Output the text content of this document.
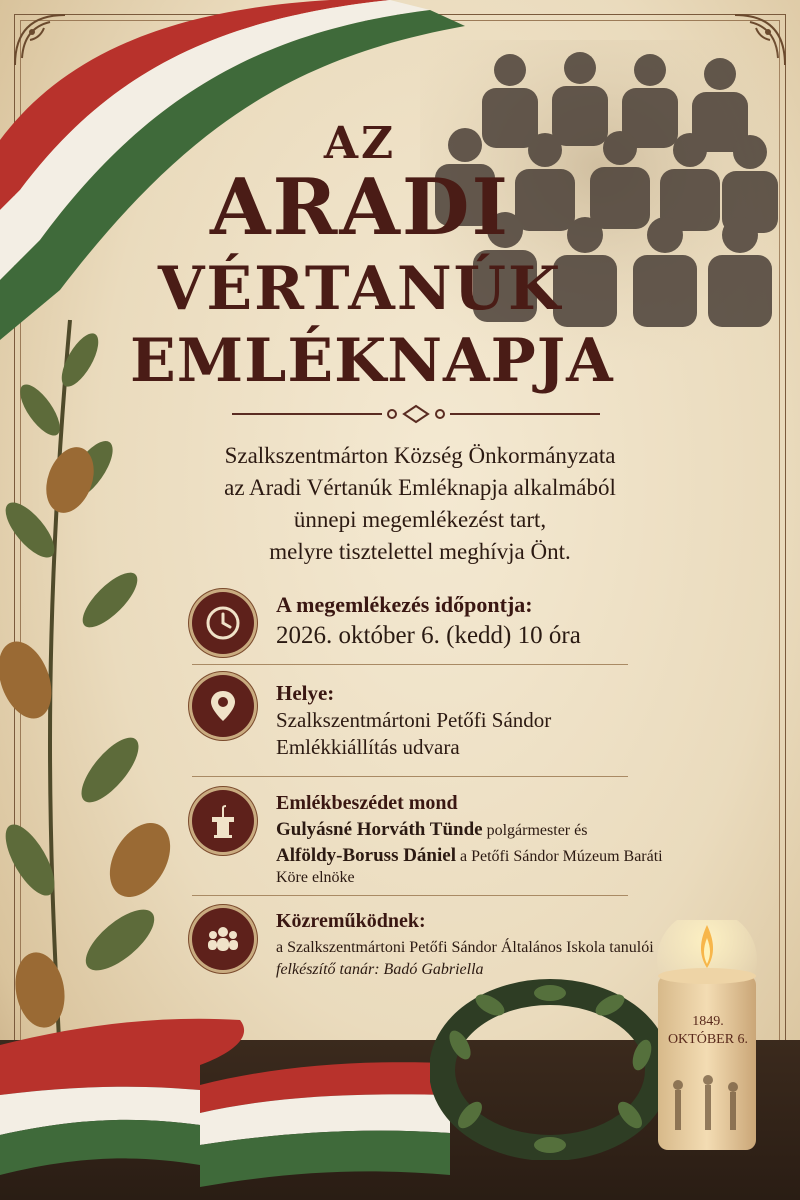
1849.
OKTÓBER 6.
AZ
ARADI
VÉRTANÚK
EMLÉKNAPJA
Szalkszentmárton Község Önkormányzata
az Aradi Vértanúk Emléknapja alkalmából
ünnepi megemlékezést tart,
melyre tisztelettel meghívja Önt.
A megemlékezés időpontja:
2026. október 6. (kedd) 10 óra
Helye:
Szalkszentmártoni Petőfi Sándor
Emlékkiállítás udvara
Emlékbeszédet mond
Gulyásné Horváth Tünde polgármester és
Alföldy-Boruss Dániel a Petőfi Sándor Múzeum Baráti
Köre elnöke
Közreműködnek:
a Szalkszentmártoni Petőfi Sándor Általános Iskola tanulói
felkészítő tanár: Badó Gabriella
